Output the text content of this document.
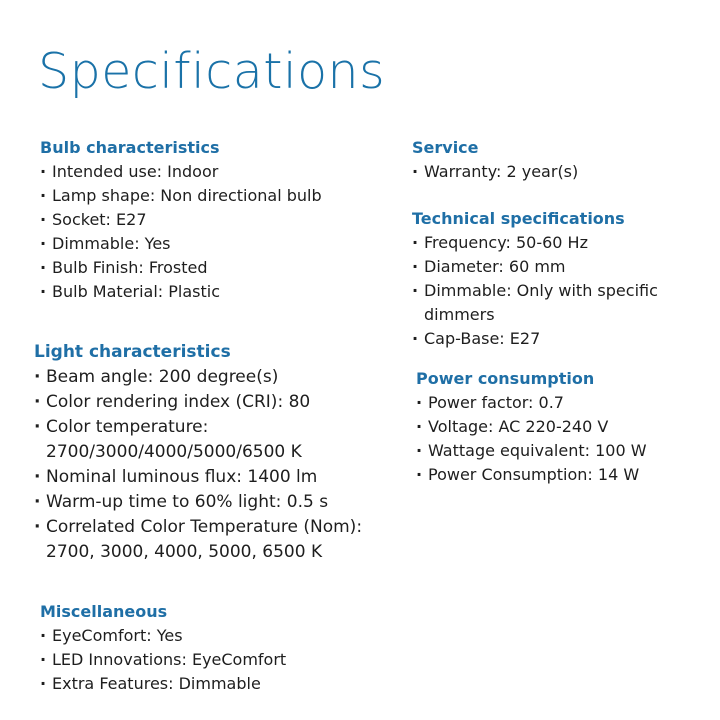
Specifications
Bulb characteristics
· Intended use: Indoor
· Lamp shape: Non directional bulb
· Socket: E27
· Dimmable: Yes
· Bulb Finish: Frosted
· Bulb Material: Plastic
Light characteristics
· Beam angle: 200 degree(s)
· Color rendering index (CRI): 80
· Color temperature: 2700/3000/4000/5000/6500 K
· Nominal luminous flux: 1400 lm
· Warm-up time to 60% light: 0.5 s
· Correlated Color Temperature (Nom): 2700, 3000, 4000, 5000, 6500 K
Miscellaneous
· EyeComfort: Yes
· LED Innovations: EyeComfort
· Extra Features: Dimmable
Service
· Warranty: 2 year(s)
Technical specifications
· Frequency: 50-60 Hz
· Diameter: 60 mm
· Dimmable: Only with specific dimmers
· Cap-Base: E27
Power consumption
· Power factor: 0.7
· Voltage: AC 220-240 V
· Wattage equivalent: 100 W
· Power Consumption: 14 W
